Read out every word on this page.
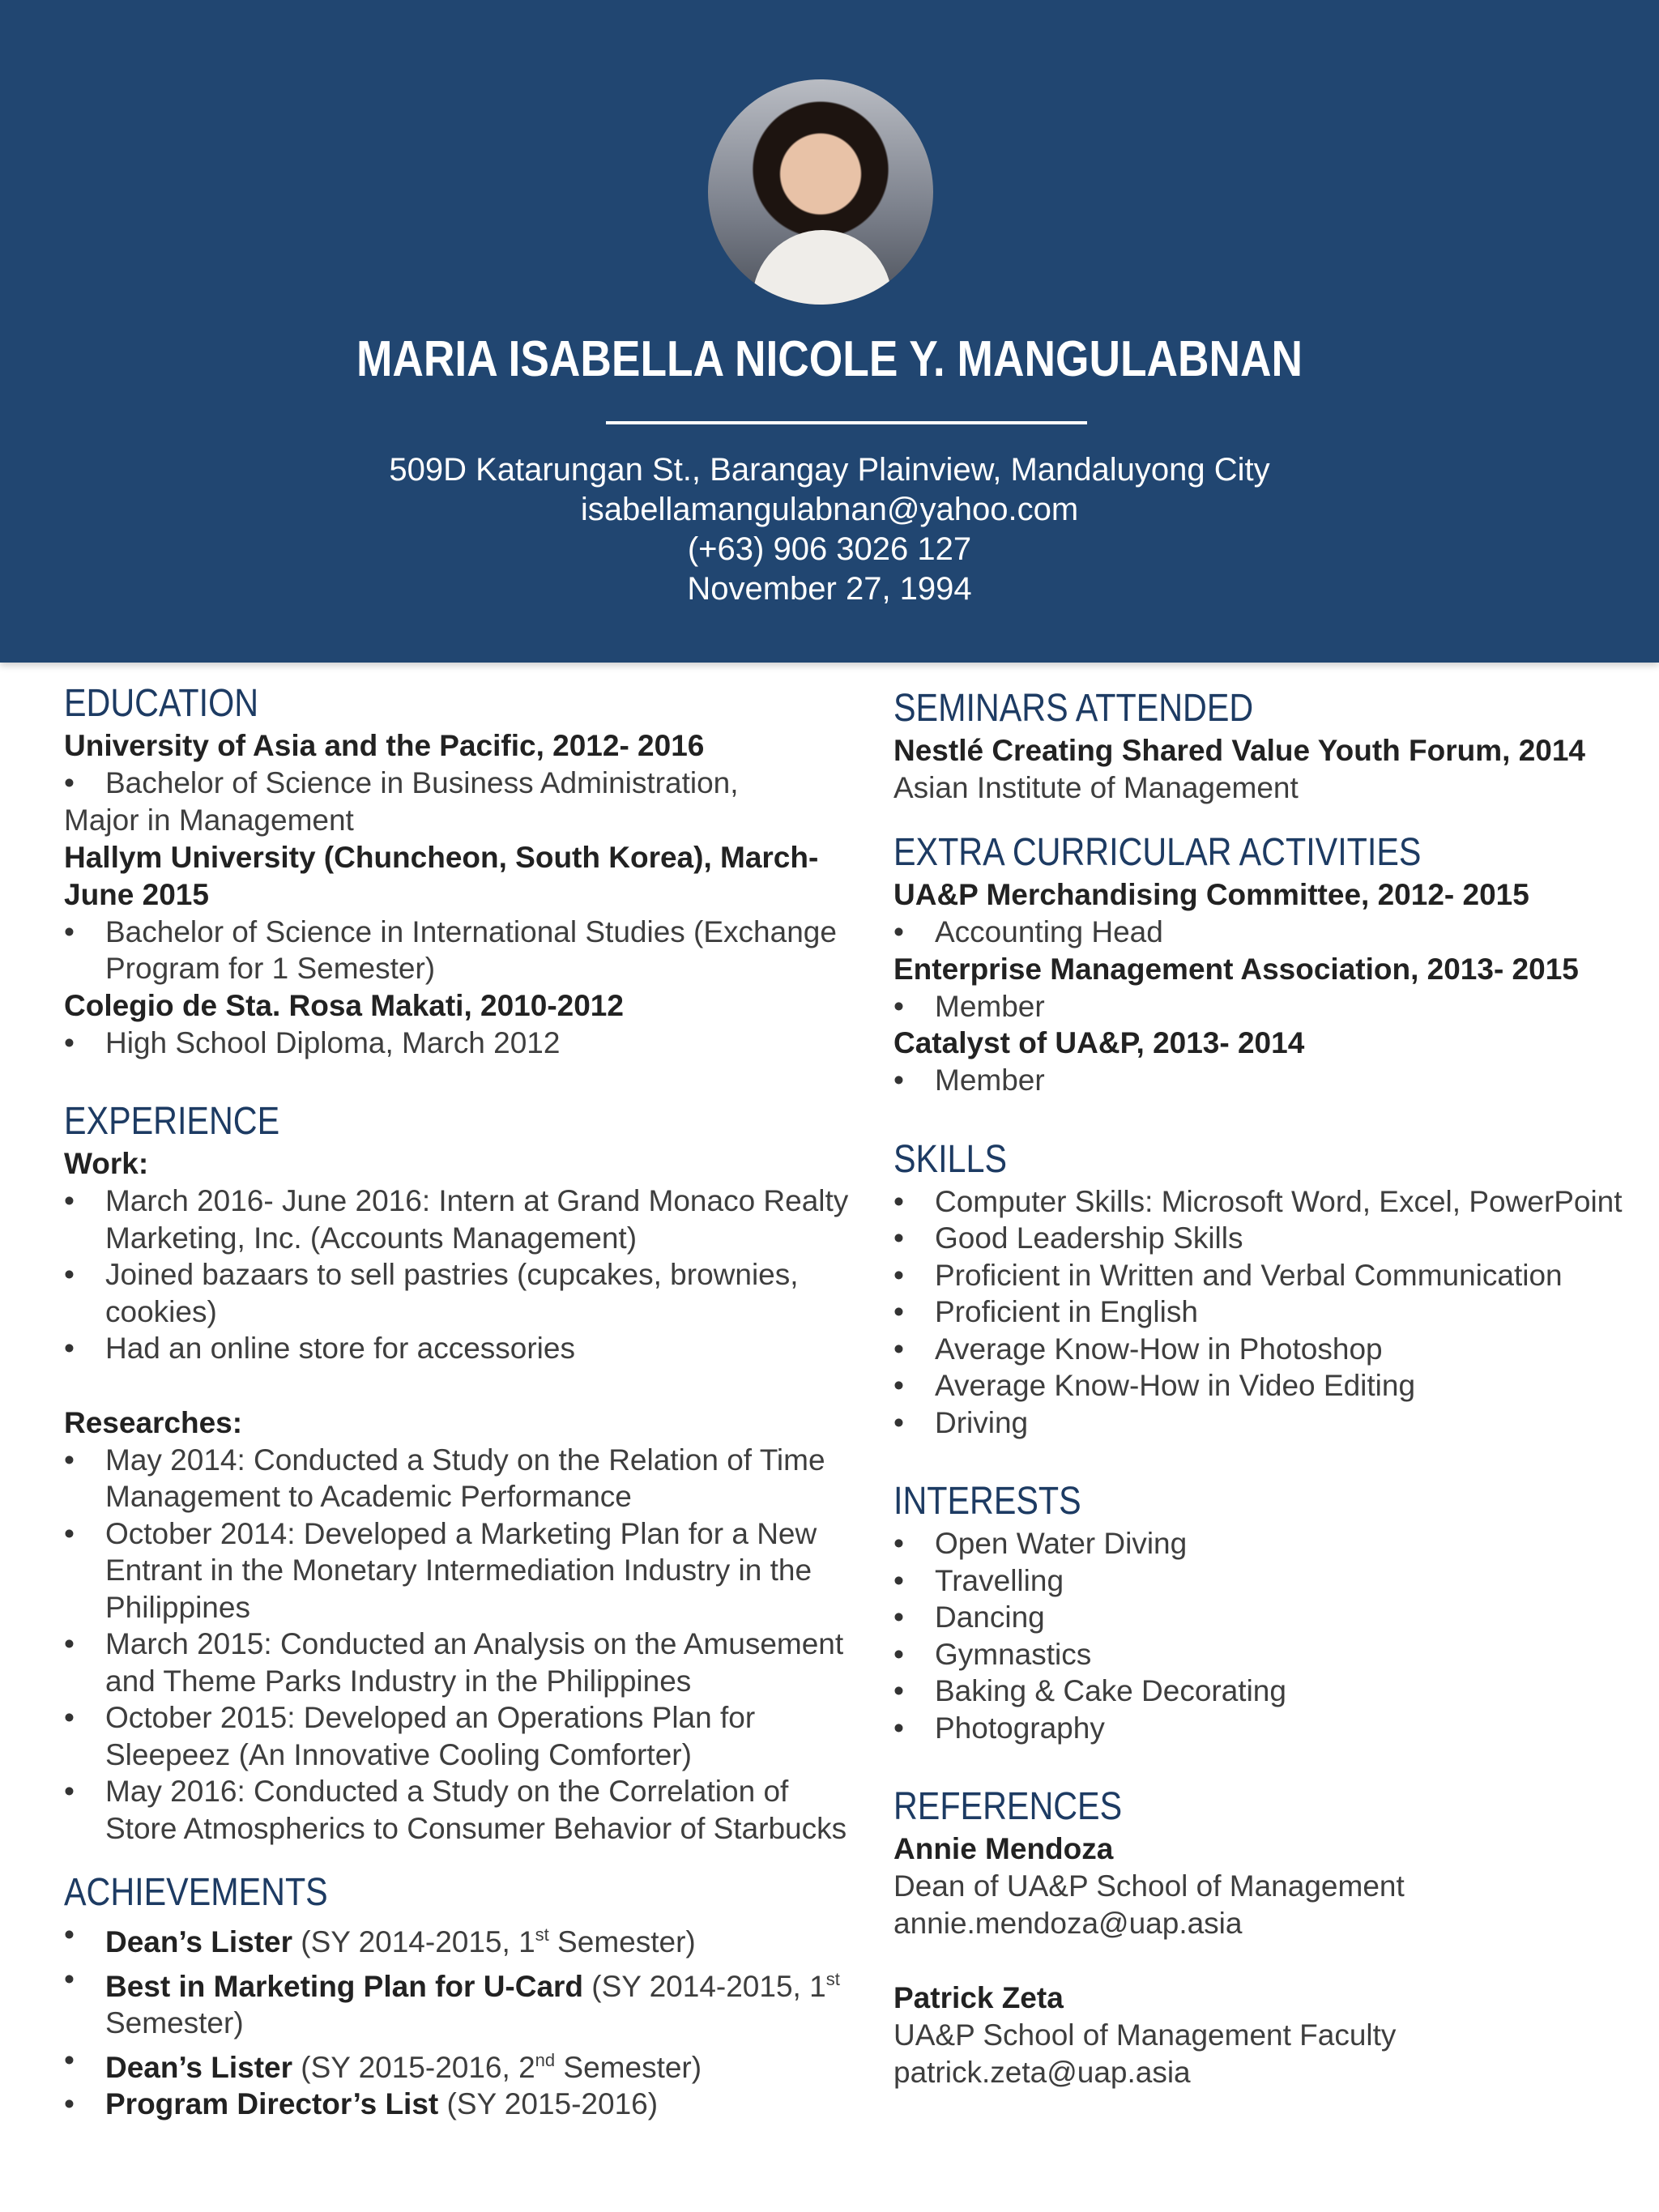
MARIA ISABELLA NICOLE Y. MANGULABNAN
509D Katarungan St., Barangay Plainview, Mandaluyong City
isabellamangulabnan@yahoo.com
(+63) 906 3026 127
November 27, 1994
EDUCATION
University of Asia and the Pacific, 2012- 2016
• Bachelor of Science in Business Administration,
Major in Management
Hallym University (Chuncheon, South Korea), March-
June 2015
• Bachelor of Science in International Studies (Exchange Program for 1 Semester)
Colegio de Sta. Rosa Makati, 2010-2012
• High School Diploma, March 2012
EXPERIENCE
Work:
• March 2016- June 2016: Intern at Grand Monaco Realty Marketing, Inc. (Accounts Management)
• Joined bazaars to sell pastries (cupcakes, brownies, cookies)
• Had an online store for accessories
Researches:
• May 2014: Conducted a Study on the Relation of Time Management to Academic Performance
• October 2014: Developed a Marketing Plan for a New Entrant in the Monetary Intermediation Industry in the Philippines
• March 2015: Conducted an Analysis on the Amusement and Theme Parks Industry in the Philippines
• October 2015: Developed an Operations Plan for Sleepeez (An Innovative Cooling Comforter)
• May 2016: Conducted a Study on the Correlation of Store Atmospherics to Consumer Behavior of Starbucks
ACHIEVEMENTS
• Dean’s Lister (SY 2014-2015, 1st Semester)
• Best in Marketing Plan for U-Card (SY 2014-2015, 1st Semester)
• Dean’s Lister (SY 2015-2016, 2nd Semester)
• Program Director’s List (SY 2015-2016)
SEMINARS ATTENDED
Nestlé Creating Shared Value Youth Forum, 2014
Asian Institute of Management
EXTRA CURRICULAR ACTIVITIES
UA&P Merchandising Committee, 2012- 2015
• Accounting Head
Enterprise Management Association, 2013- 2015
• Member
Catalyst of UA&P, 2013- 2014
• Member
SKILLS
• Computer Skills: Microsoft Word, Excel, PowerPoint
• Good Leadership Skills
• Proficient in Written and Verbal Communication
• Proficient in English
• Average Know-How in Photoshop
• Average Know-How in Video Editing
• Driving
INTERESTS
• Open Water Diving
• Travelling
• Dancing
• Gymnastics
• Baking & Cake Decorating
• Photography
REFERENCES
Annie Mendoza
Dean of UA&P School of Management
annie.mendoza@uap.asia
Patrick Zeta
UA&P School of Management Faculty
patrick.zeta@uap.asia
